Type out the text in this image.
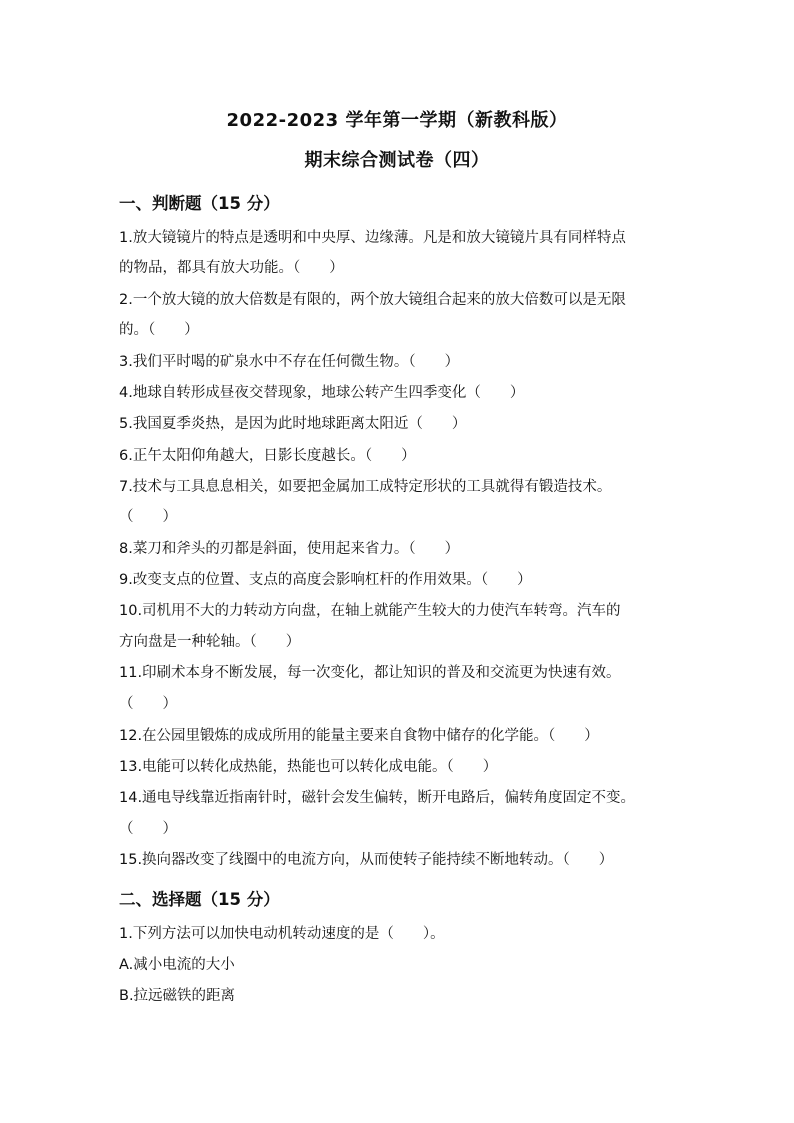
2022-2023 学年第一学期（新教科版）
期末综合测试卷（四）
一、判断题（15 分）
1.放大镜镜片的特点是透明和中央厚、边缘薄。凡是和放大镜镜片具有同样特点
的物品，都具有放大功能。（　　）
2.一个放大镜的放大倍数是有限的，两个放大镜组合起来的放大倍数可以是无限
的。（　　）
3.我们平时喝的矿泉水中不存在任何微生物。（　　）
4.地球自转形成昼夜交替现象，地球公转产生四季变化（　　）
5.我国夏季炎热，是因为此时地球距离太阳近（　　）
6.正午太阳仰角越大，日影长度越长。（　　）
7.技术与工具息息相关，如要把金属加工成特定形状的工具就得有锻造技术。
（　　）
8.菜刀和斧头的刃都是斜面，使用起来省力。（　　）
9.改变支点的位置、支点的高度会影响杠杆的作用效果。（　　）
10.司机用不大的力转动方向盘，在轴上就能产生较大的力使汽车转弯。汽车的
方向盘是一种轮轴。（　　）
11.印刷术本身不断发展，每一次变化，都让知识的普及和交流更为快速有效。
（　　）
12.在公园里锻炼的成成所用的能量主要来自食物中储存的化学能。（　　）
13.电能可以转化成热能，热能也可以转化成电能。（　　）
14.通电导线靠近指南针时，磁针会发生偏转，断开电路后，偏转角度固定不变。
（　　）
15.换向器改变了线圈中的电流方向，从而使转子能持续不断地转动。（　　）
二、选择题（15 分）
1.下列方法可以加快电动机转动速度的是（　　）。
A.减小电流的大小
B.拉远磁铁的距离
